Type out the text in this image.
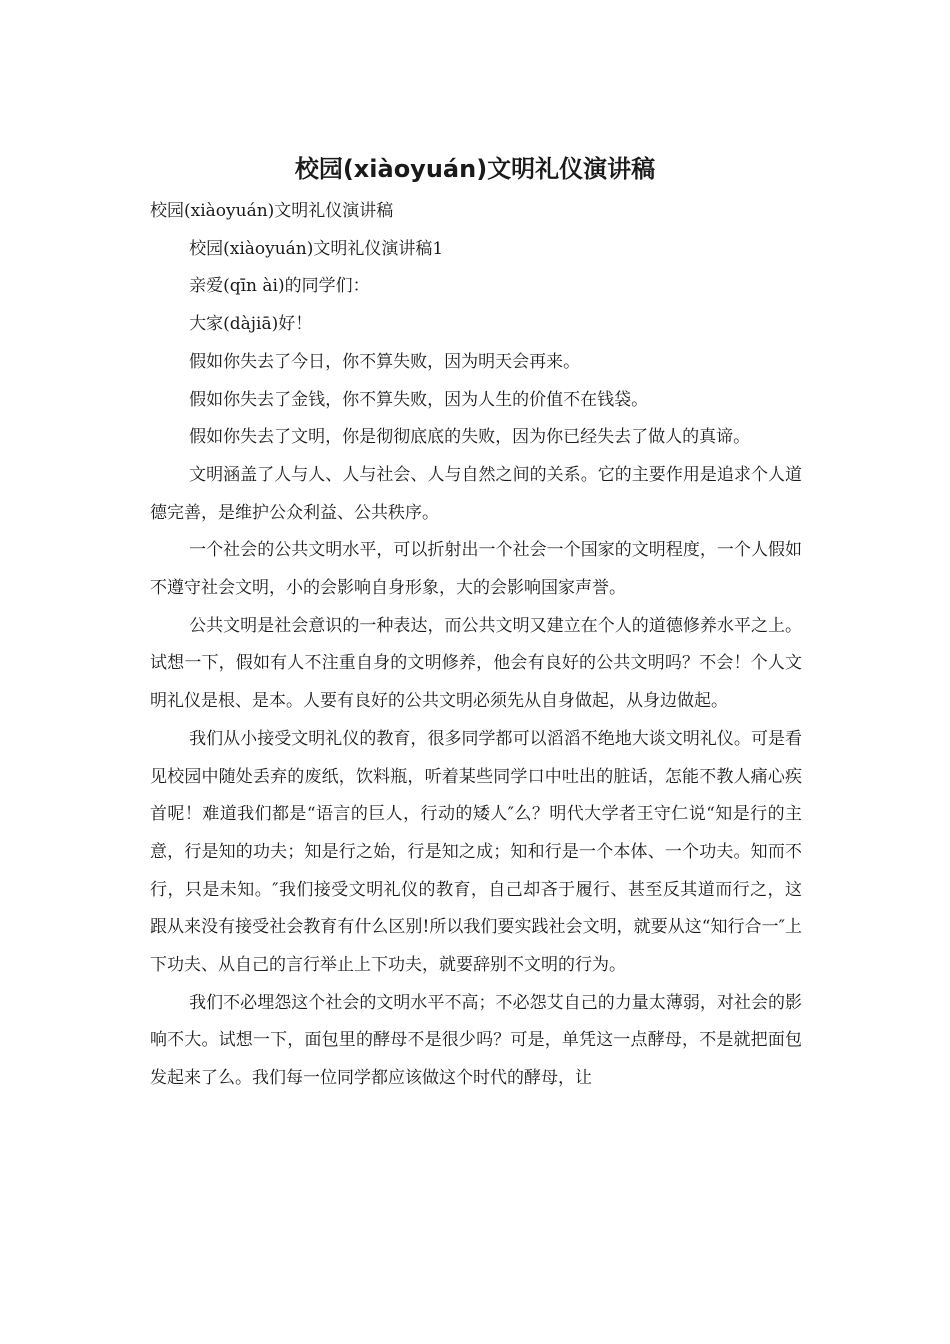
校园(xiàoyuán)文明礼仪演讲稿

校园(xiàoyuán)文明礼仪演讲稿

校园(xiàoyuán)文明礼仪演讲稿1

亲爱(qīn ài)的同学们：

大家(dàjiā)好！

假如你失去了今日，你不算失败，因为明天会再来。

假如你失去了金钱，你不算失败，因为人生的价值不在钱袋。

假如你失去了文明，你是彻彻底底的失败，因为你已经失去了做人的真谛。

文明涵盖了人与人、人与社会、人与自然之间的关系。它的主要作用是追求个人道德完善，是维护公众利益、公共秩序。

一个社会的公共文明水平，可以折射出一个社会一个国家的文明程度，一个人假如不遵守社会文明，小的会影响自身形象，大的会影响国家声誉。

公共文明是社会意识的一种表达，而公共文明又建立在个人的道德修养水平之上。试想一下，假如有人不注重自身的文明修养，他会有良好的公共文明吗？不会！个人文明礼仪是根、是本。人要有良好的公共文明必须先从自身做起，从身边做起。

我们从小接受文明礼仪的教育，很多同学都可以滔滔不绝地大谈文明礼仪。可是看见校园中随处丢弃的废纸，饮料瓶，听着某些同学口中吐出的脏话，怎能不教人痛心疾首呢！难道我们都是“语言的巨人，行动的矮人″么？明代大学者王守仁说“知是行的主意，行是知的功夫；知是行之始，行是知之成；知和行是一个本体、一个功夫。知而不行，只是未知。″我们接受文明礼仪的教育，自己却吝于履行、甚至反其道而行之，这跟从来没有接受社会教育有什么区别!所以我们要实践社会文明，就要从这“知行合一″上下功夫、从自己的言行举止上下功夫，就要辞别不文明的行为。

我们不必埋怨这个社会的文明水平不高；不必怨艾自己的力量太薄弱，对社会的影响不大。试想一下，面包里的酵母不是很少吗？可是，单凭这一点酵母，不是就把面包发起来了么。我们每一位同学都应该做这个时代的酵母，让
